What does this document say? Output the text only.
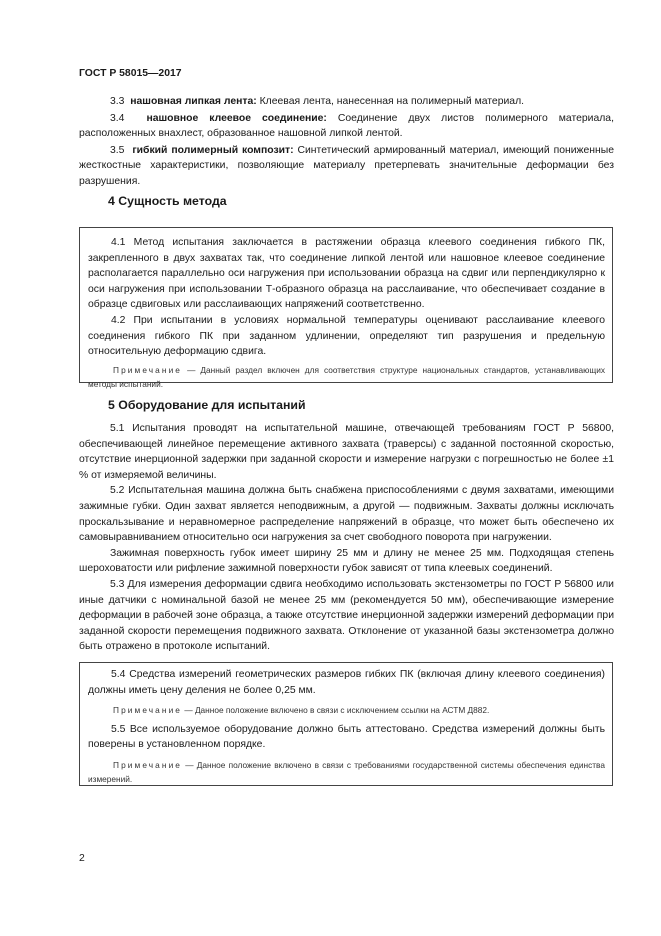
ГОСТ Р 58015—2017

3.3 нашовная липкая лента: Клеевая лента, нанесенная на полимерный материал.

3.4 нашовное клеевое соединение: Соединение двух листов полимерного материала, расположенных внахлест, образованное нашовной липкой лентой.

3.5 гибкий полимерный композит: Синтетический армированный материал, имеющий пониженные жесткостные характеристики, позволяющие материалу претерпевать значительные деформации без разрушения.

4 Сущность метода

4.1 Метод испытания заключается в растяжении образца клеевого соединения гибкого ПК, закрепленного в двух захватах так, что соединение липкой лентой или нашовное клеевое соединение располагается параллельно оси нагружения при использовании образца на сдвиг или перпендикулярно к оси нагружения при использовании Т-образного образца на расслаивание, что обеспечивает создание в образце сдвиговых или расслаивающих напряжений соответственно.

4.2 При испытании в условиях нормальной температуры оценивают расслаивание клеевого соединения гибкого ПК при заданном удлинении, определяют тип разрушения и предельную относительную деформацию сдвига.

Примечание — Данный раздел включен для соответствия структуре национальных стандартов, устанавливающих методы испытаний.

5 Оборудование для испытаний

5.1 Испытания проводят на испытательной машине, отвечающей требованиям ГОСТ Р 56800, обеспечивающей линейное перемещение активного захвата (траверсы) с заданной постоянной скоростью, отсутствие инерционной задержки при заданной скорости и измерение нагрузки с погрешностью не более ±1 % от измеряемой величины.

5.2 Испытательная машина должна быть снабжена приспособлениями с двумя захватами, имеющими зажимные губки. Один захват является неподвижным, а другой — подвижным. Захваты должны исключать проскальзывание и неравномерное распределение напряжений в образце, что может быть обеспечено их самовыравниванием относительно оси нагружения за счет свободного поворота при нагружении.

Зажимная поверхность губок имеет ширину 25 мм и длину не менее 25 мм. Подходящая степень шероховатости или рифление зажимной поверхности губок зависят от типа клеевых соединений.

5.3 Для измерения деформации сдвига необходимо использовать экстензометры по ГОСТ Р 56800 или иные датчики с номинальной базой не менее 25 мм (рекомендуется 50 мм), обеспечивающие измерение деформации в рабочей зоне образца, а также отсутствие инерционной задержки измерений деформации при заданной скорости перемещения подвижного захвата. Отклонение от указанной базы экстензометра должно быть отражено в протоколе испытаний.

5.4 Средства измерений геометрических размеров гибких ПК (включая длину клеевого соединения) должны иметь цену деления не более 0,25 мм.

Примечание — Данное положение включено в связи с исключением ссылки на АСТМ Д882.

5.5 Все используемое оборудование должно быть аттестовано. Средства измерений должны быть поверены в установленном порядке.

Примечание — Данное положение включено в связи с требованиями государственной системы обеспечения единства измерений.

2
